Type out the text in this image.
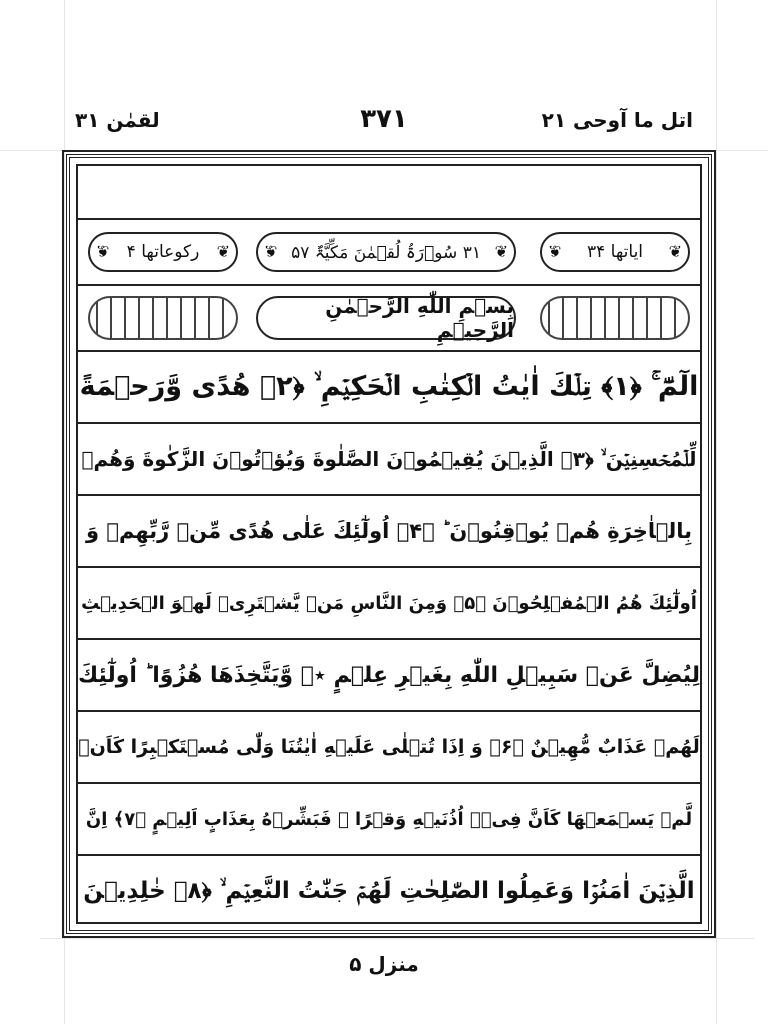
اتل ما آوحی ۲۱
۳۷۱
لقمٰن ۳۱
❦ ایاتھا ۳۴
❦
❦ ۳۱ سُوۡرَۃُ لُقۡمٰنَ مَکِّیَّۃٌ ۵۷
❦
❦ رکوعاتھا ۴
❦
بِسۡمِ اللّٰهِ الرَّحۡمٰنِ الرَّحِیۡمِ
الٓمّٓ ۚ ﴿۱﴾ تِلۡكَ اٰیٰتُ الۡكِتٰبِ الۡحَكِیۡمِ ۙ ﴿۲﴾ هُدًى وَّرَحۡمَةً
لِّلۡمُحۡسِنِیۡنَ ۙ ﴿۳﴾ الَّذِیۡنَ یُقِیۡمُوۡنَ الصَّلٰوةَ وَیُؤۡتُوۡنَ الزَّكٰوةَ وَهُمۡ
بِالۡاٰخِرَةِ هُمۡ یُوۡقِنُوۡنَ ؕ ﴿۴﴾ اُولٰٓئِكَ عَلٰى هُدًى مِّنۡ رَّبِّهِمۡ وَ
اُولٰٓئِكَ هُمُ الۡمُفۡلِحُوۡنَ ﴿۵﴾ وَمِنَ النَّاسِ مَنۡ یَّشۡتَرِیۡ لَهۡوَ الۡحَدِیۡثِ
لِیُضِلَّ عَنۡ سَبِیۡلِ اللّٰهِ بِغَیۡرِ عِلۡمٍ ٭ۖ وَّیَتَّخِذَهَا هُزُوًا ؕ اُولٰٓئِكَ
لَهُمۡ عَذَابٌ مُّهِیۡنٌ ﴿۶﴾ وَ اِذَا تُتۡلٰى عَلَیۡهِ اٰیٰتُنَا وَلّٰى مُسۡتَكۡبِرًا كَاَنۡ
لَّمۡ یَسۡمَعۡهَا كَاَنَّ فِیۡۤ اُذُنَیۡهِ وَقۡرًا ۚ فَبَشِّرۡهُ بِعَذَابٍ اَلِیۡمٍ ﴿۷﴾ اِنَّ
الَّذِیۡنَ اٰمَنُوۡا وَعَمِلُوا الصّٰلِحٰتِ لَهُمۡ جَنّٰتُ النَّعِیۡمِ ۙ ﴿۸﴾ خٰلِدِیۡنَ
منزل ۵
